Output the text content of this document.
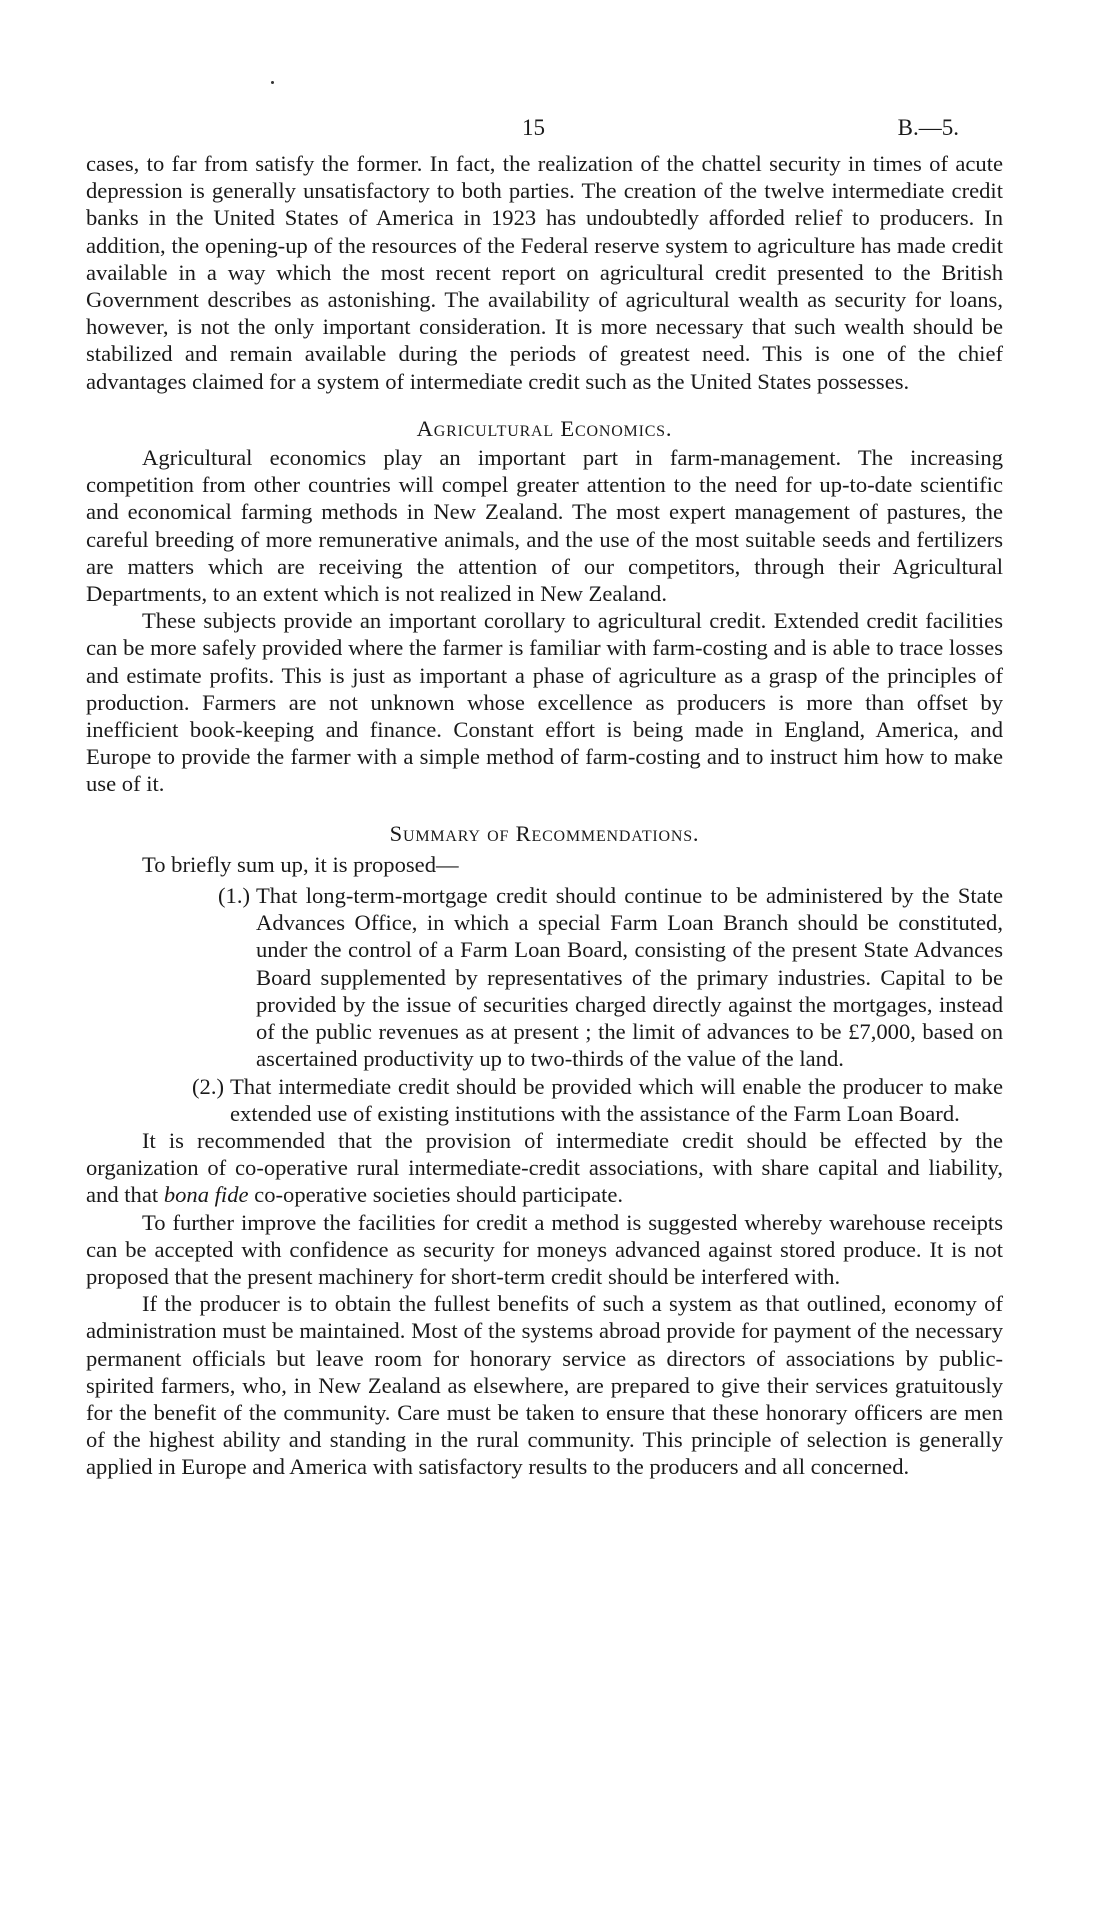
15	B.—5.

cases, to far from satisfy the former. In fact, the realization of the chattel security in times of acute depression is generally unsatisfactory to both parties. The creation of the twelve intermediate credit banks in the United States of America in 1923 has undoubtedly afforded relief to producers. In addition, the opening-up of the resources of the Federal reserve system to agriculture has made credit available in a way which the most recent report on agricultural credit presented to the British Government describes as astonishing. The availability of agricultural wealth as security for loans, however, is not the only important consideration. It is more necessary that such wealth should be stabilized and remain available during the periods of greatest need. This is one of the chief advantages claimed for a system of intermediate credit such as the United States possesses.

Agricultural Economics.

Agricultural economics play an important part in farm-management. The increasing competition from other countries will compel greater attention to the need for up-to-date scientific and economical farming methods in New Zealand. The most expert management of pastures, the careful breeding of more remunerative animals, and the use of the most suitable seeds and fertilizers are matters which are receiving the attention of our competitors, through their Agricultural Departments, to an extent which is not realized in New Zealand.

These subjects provide an important corollary to agricultural credit. Extended credit facilities can be more safely provided where the farmer is familiar with farm-costing and is able to trace losses and estimate profits. This is just as important a phase of agriculture as a grasp of the principles of production. Farmers are not unknown whose excellence as producers is more than offset by inefficient book-keeping and finance. Constant effort is being made in England, America, and Europe to provide the farmer with a simple method of farm-costing and to instruct him how to make use of it.

Summary of Recommendations.

To briefly sum up, it is proposed—

(1.) That long-term-mortgage credit should continue to be administered by the State Advances Office, in which a special Farm Loan Branch should be constituted, under the control of a Farm Loan Board, consisting of the present State Advances Board supplemented by representatives of the primary industries. Capital to be provided by the issue of securities charged directly against the mortgages, instead of the public revenues as at present ; the limit of advances to be £7,000, based on ascertained productivity up to two-thirds of the value of the land.
(2.) That intermediate credit should be provided which will enable the producer to make extended use of existing institutions with the assistance of the Farm Loan Board.

It is recommended that the provision of intermediate credit should be effected by the organization of co-operative rural intermediate-credit associations, with share capital and liability, and that bona fide co-operative societies should participate.

To further improve the facilities for credit a method is suggested whereby warehouse receipts can be accepted with confidence as security for moneys advanced against stored produce. It is not proposed that the present machinery for short-term credit should be interfered with.

If the producer is to obtain the fullest benefits of such a system as that outlined, economy of administration must be maintained. Most of the systems abroad provide for payment of the necessary permanent officials but leave room for honorary service as directors of associations by public-spirited farmers, who, in New Zealand as elsewhere, are prepared to give their services gratuitously for the benefit of the community. Care must be taken to ensure that these honorary officers are men of the highest ability and standing in the rural community. This principle of selection is generally applied in Europe and America with satisfactory results to the producers and all concerned.
